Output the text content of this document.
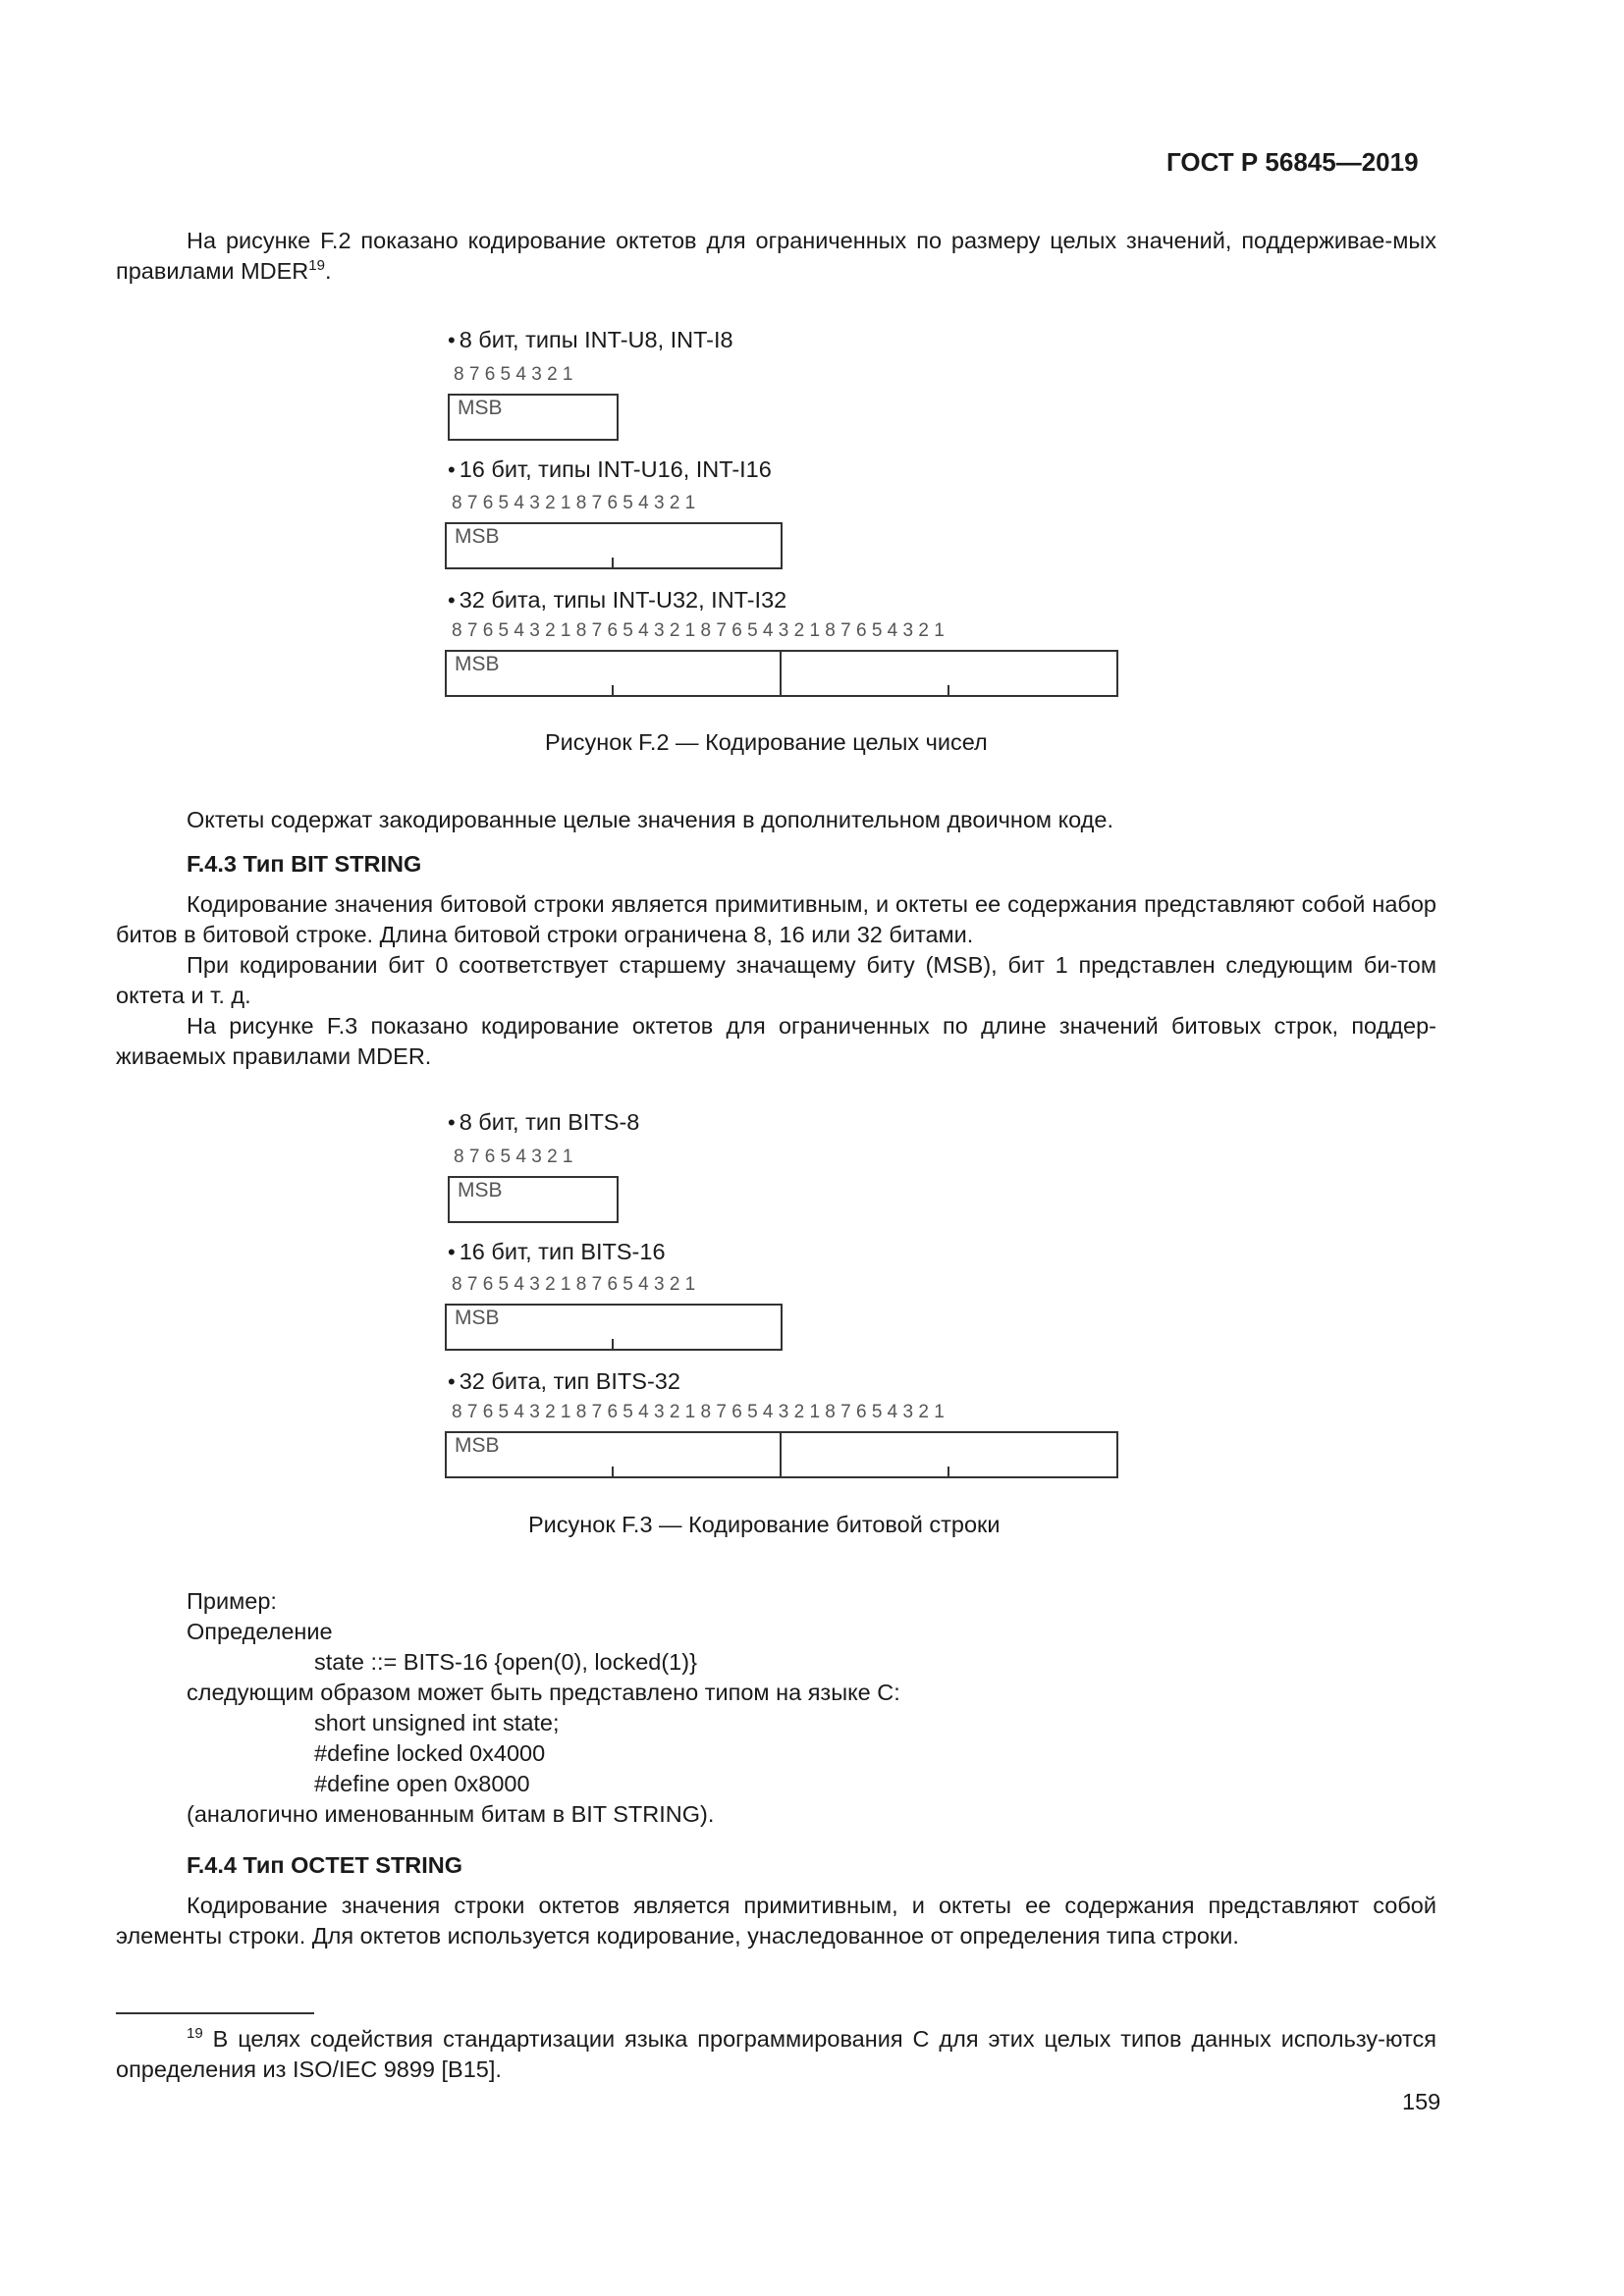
ГОСТ Р 56845—2019
На рисунке F.2 показано кодирование октетов для ограниченных по размеру целых значений, поддерживае-мых правилами MDER$^{19}$.
• 8 бит, типы INT-U8, INT-I8
8 7 6 5 4 3 2 1
MSB
• 16 бит, типы INT-U16, INT-I16
8 7 6 5 4 3 2 1 8 7 6 5 4 3 2 1
MSB
• 32 бита, типы INT-U32, INT-I32
8 7 6 5 4 3 2 1 8 7 6 5 4 3 2 1 8 7 6 5 4 3 2 1 8 7 6 5 4 3 2 1
MSB
Рисунок F.2 — Кодирование целых чисел
Октеты содержат закодированные целые значения в дополнительном двоичном коде.
F.4.3 Тип BIT STRING
Кодирование значения битовой строки является примитивным, и октеты ее содержания представляют собой набор битов в битовой строке. Длина битовой строки ограничена 8, 16 или 32 битами.
При кодировании бит 0 соответствует старшему значащему биту (MSB), бит 1 представлен следующим би-том октета и т. д.
На рисунке F.3 показано кодирование октетов для ограниченных по длине значений битовых строк, поддер-живаемых правилами MDER.
• 8 бит, тип BITS-8
8 7 6 5 4 3 2 1
MSB
• 16 бит, тип BITS-16
8 7 6 5 4 3 2 1 8 7 6 5 4 3 2 1
MSB
• 32 бита, тип BITS-32
8 7 6 5 4 3 2 1 8 7 6 5 4 3 2 1 8 7 6 5 4 3 2 1 8 7 6 5 4 3 2 1
MSB
Рисунок F.3 — Кодирование битовой строки
Пример:
Определение
state ::= BITS-16 {open(0), locked(1)}
следующим образом может быть представлено типом на языке С:
short unsigned int state;
#define locked 0x4000
#define open 0x8000
(аналогично именованным битам в BIT STRING).
F.4.4 Тип OCTET STRING
Кодирование значения строки октетов является примитивным, и октеты ее содержания представляют собой элементы строки. Для октетов используется кодирование, унаследованное от определения типа строки.
$^{19}$ В целях содействия стандартизации языка программирования С для этих целых типов данных использу-ются определения из ISO/IEC 9899 [B15].
159
